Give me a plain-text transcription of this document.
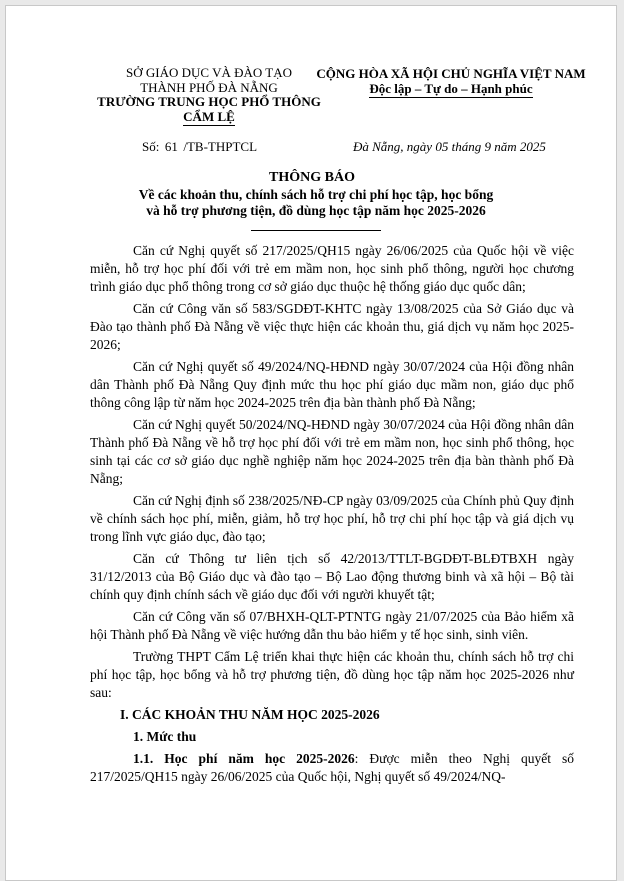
SỞ GIÁO DỤC VÀ ĐÀO TẠO
THÀNH PHỐ ĐÀ NẴNG
TRƯỜNG TRUNG HỌC PHỔ THÔNG
CẨM LỆ
CỘNG HÒA XÃ HỘI CHỦ NGHĨA VIỆT NAM
Độc lập – Tự do – Hạnh phúc
Số: 61 /TB-THPTCL	Đà Nẵng, ngày 05 tháng 9 năm 2025
THÔNG BÁO
Về các khoản thu, chính sách hỗ trợ chi phí học tập, học bổng
và hỗ trợ phương tiện, đồ dùng học tập năm học 2025-2026

Căn cứ Nghị quyết số 217/2025/QH15 ngày 26/06/2025 của Quốc hội về việc miễn, hỗ trợ học phí đối với trẻ em mầm non, học sinh phổ thông, người học chương trình giáo dục phổ thông trong cơ sở giáo dục thuộc hệ thống giáo dục quốc dân;

Căn cứ Công văn số 583/SGDĐT-KHTC ngày 13/08/2025 của Sở Giáo dục và Đào tạo thành phố Đà Nẵng về việc thực hiện các khoản thu, giá dịch vụ năm học 2025-2026;

Căn cứ Nghị quyết số 49/2024/NQ-HĐND ngày 30/07/2024 của Hội đồng nhân dân Thành phố Đà Nẵng Quy định mức thu học phí giáo dục mầm non, giáo dục phổ thông công lập từ năm học 2024-2025 trên địa bàn thành phố Đà Nẵng;

Căn cứ Nghị quyết 50/2024/NQ-HĐND ngày 30/07/2024 của Hội đồng nhân dân Thành phố Đà Nẵng về hỗ trợ học phí đối với trẻ em mầm non, học sinh phổ thông, học sinh tại các cơ sở giáo dục nghề nghiệp năm học 2024-2025 trên địa bàn thành phố Đà Nẵng;

Căn cứ Nghị định số 238/2025/NĐ-CP ngày 03/09/2025 của Chính phủ Quy định về chính sách học phí, miễn, giảm, hỗ trợ học phí, hỗ trợ chi phí học tập và giá dịch vụ trong lĩnh vực giáo dục, đào tạo;

Căn cứ Thông tư liên tịch số 42/2013/TTLT-BGDĐT-BLĐTBXH ngày 31/12/2013 của Bộ Giáo dục và đào tạo – Bộ Lao động thương binh và xã hội – Bộ tài chính quy định chính sách về giáo dục đối với người khuyết tật;

Căn cứ Công văn số 07/BHXH-QLT-PTNTG ngày 21/07/2025 của Bảo hiểm xã hội Thành phố Đà Nẵng về việc hướng dẫn thu bảo hiểm y tế học sinh, sinh viên.

Trường THPT Cẩm Lệ triển khai thực hiện các khoản thu, chính sách hỗ trợ chi phí học tập, học bổng và hỗ trợ phương tiện, đồ dùng học tập năm học 2025-2026 như sau:

I. CÁC KHOẢN THU NĂM HỌC 2025-2026

1. Mức thu

1.1. Học phí năm học 2025-2026: Được miễn theo Nghị quyết số 217/2025/QH15 ngày 26/06/2025 của Quốc hội, Nghị quyết số 49/2024/NQ-
